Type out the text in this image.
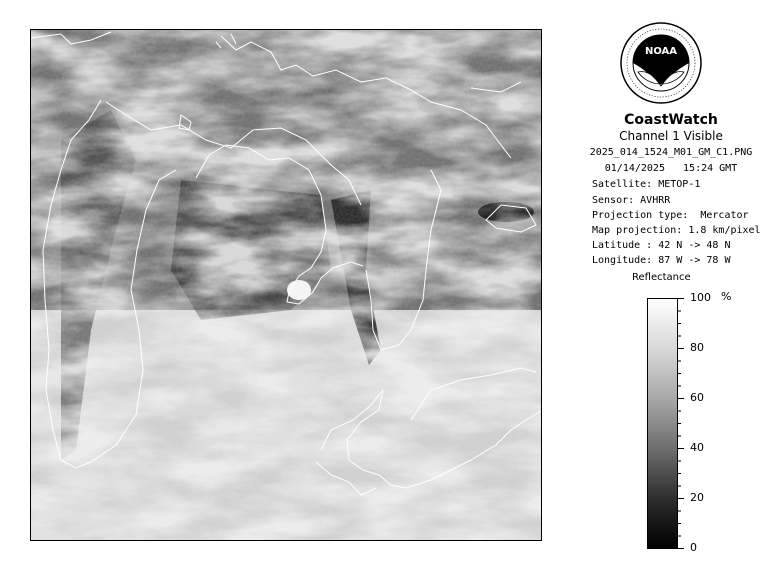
NOAA
CoastWatch
Channel 1 Visible
2025_014_1524_M01_GM_C1.PNG
01/14/2025   15:24 GMT
Satellite: METOP-1
Sensor: AVHRR
Projection type:  Mercator
Map projection: 1.8 km/pixel
Latitude : 42 N -> 48 N
Longitude: 87 W -> 78 W
Reflectance
%
100
80
60
40
20
0
